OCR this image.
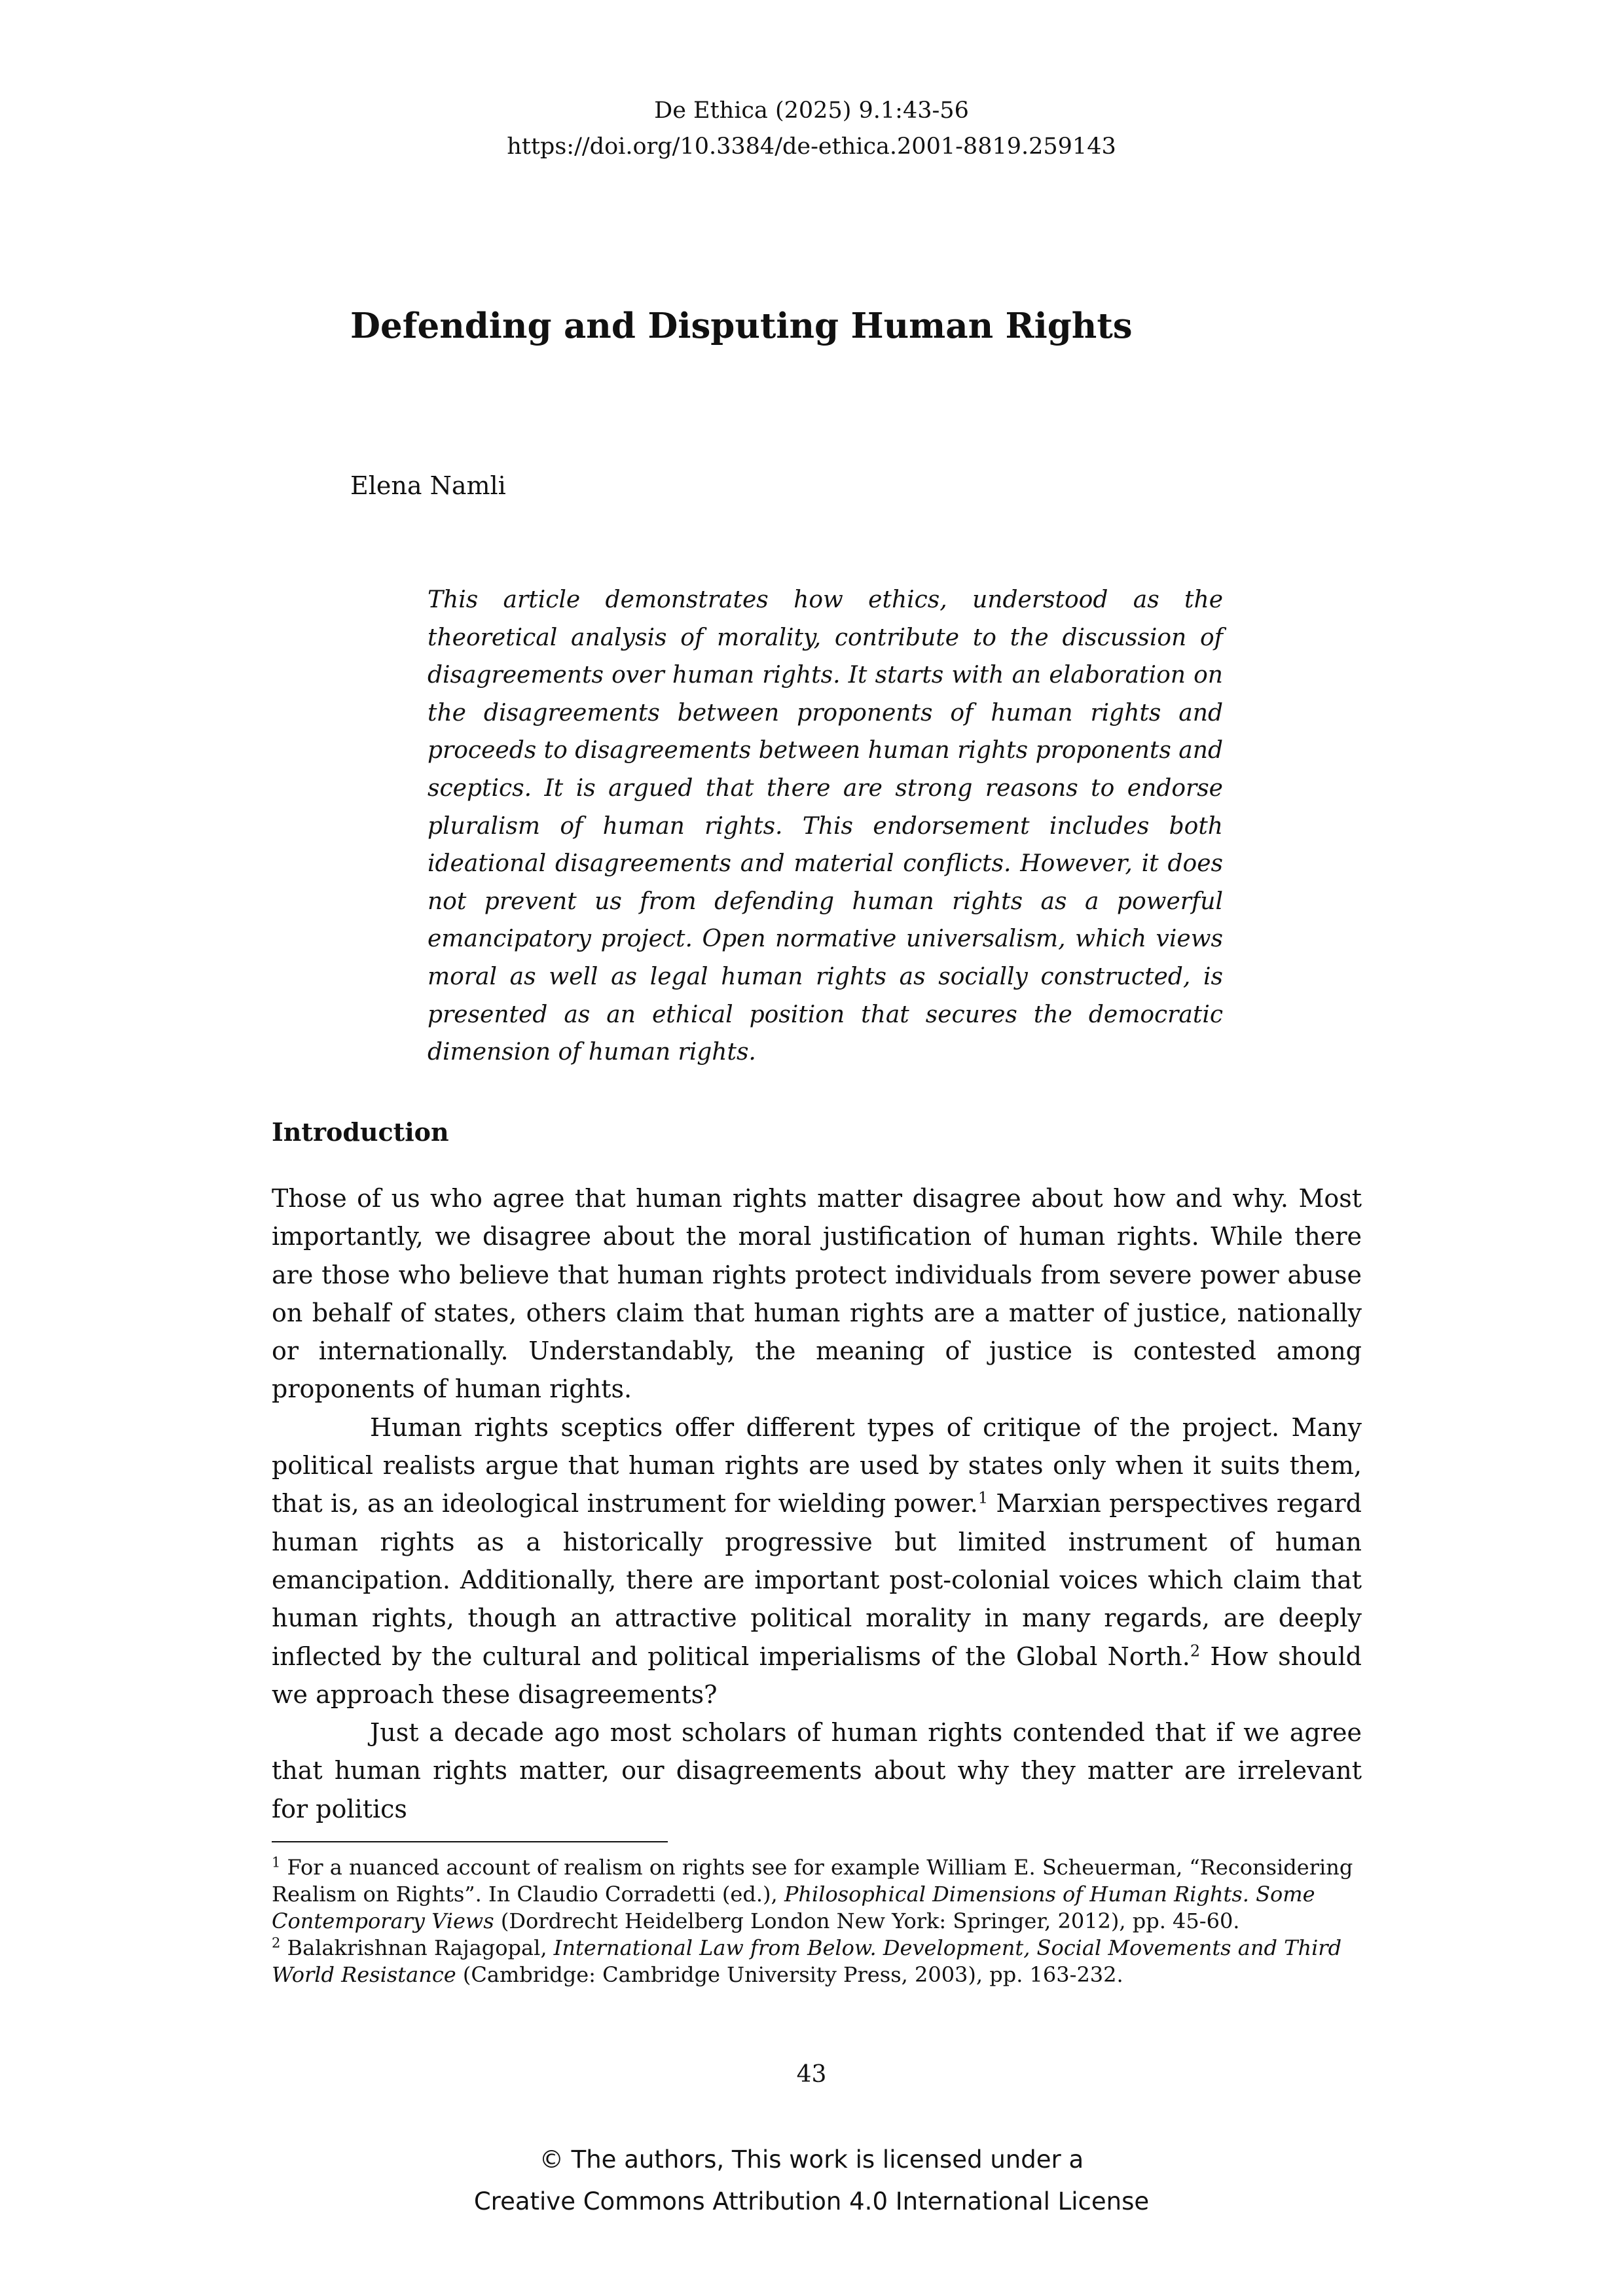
De Ethica (2025) 9.1:43-56
https://doi.org/10.3384/de-ethica.2001-8819.259143
Defending and Disputing Human Rights
Elena Namli

This article demonstrates how ethics, understood as the theoretical analysis of morality, contribute to the discussion of disagreements over human rights. It starts with an elaboration on the disagreements between proponents of human rights and proceeds to disagreements between human rights proponents and sceptics. It is argued that there are strong reasons to endorse pluralism of human rights. This endorsement includes both ideational disagreements and material conflicts. However, it does not prevent us from defending human rights as a powerful emancipatory project. Open normative universalism, which views moral as well as legal human rights as socially constructed, is presented as an ethical position that secures the democratic dimension of human rights.

Introduction

Those of us who agree that human rights matter disagree about how and why. Most importantly, we disagree about the moral justification of human rights. While there are those who believe that human rights protect individuals from severe power abuse on behalf of states, others claim that human rights are a matter of justice, nationally or internationally. Understandably, the meaning of justice is contested among proponents of human rights.

Human rights sceptics offer different types of critique of the project. Many political realists argue that human rights are used by states only when it suits them, that is, as an ideological instrument for wielding power.$^1$ Marxian perspectives regard human rights as a historically progressive but limited instrument of human emancipation. Additionally, there are important post-colonial voices which claim that human rights, though an attractive political morality in many regards, are deeply inflected by the cultural and political imperialisms of the Global North.$^2$ How should we approach these disagreements?

Just a decade ago most scholars of human rights contended that if we agree that human rights matter, our disagreements about why they matter are irrelevant for politics

$^1$ For a nuanced account of realism on rights see for example William E. Scheuerman, “Reconsidering Realism on Rights”. In Claudio Corradetti (ed.), Philosophical Dimensions of Human Rights. Some Contemporary Views (Dordrecht Heidelberg London New York: Springer, 2012), pp. 45-60.

$^2$ Balakrishnan Rajagopal, International Law from Below. Development, Social Movements and Third World Resistance (Cambridge: Cambridge University Press, 2003), pp. 163-232.

43
© The authors, This work is licensed under a
Creative Commons Attribution 4.0 International License
